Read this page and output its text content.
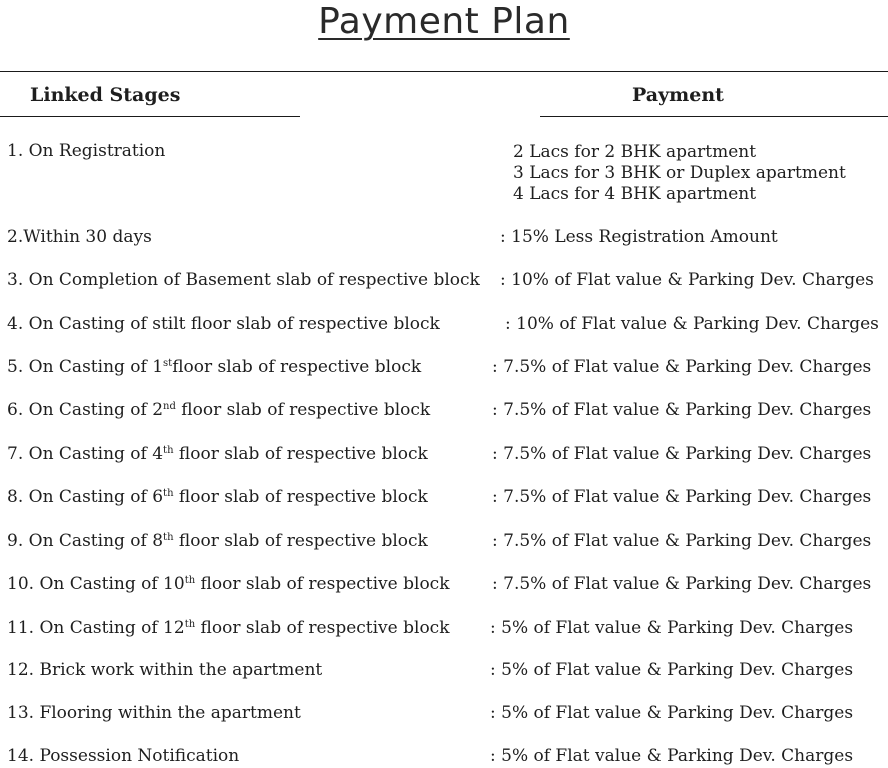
Payment Plan
Linked Stages	Payment
1. On Registration	2 Lacs for 2 BHK apartment
3 Lacs for 3 BHK or Duplex apartment
4 Lacs for 4 BHK apartment
2.Within 30 days	: 15% Less Registration Amount
3. On Completion of Basement slab of respective block : 10% of Flat value & Parking Dev. Charges
4. On Casting of stilt floor slab of respective block	: 10% of Flat value & Parking Dev. Charges
5. On Casting of 1stfloor slab of respective block	: 7.5% of Flat value & Parking Dev. Charges
6. On Casting of 2nd floor slab of respective block	: 7.5% of Flat value & Parking Dev. Charges
7. On Casting of 4th floor slab of respective block	: 7.5% of Flat value & Parking Dev. Charges
8. On Casting of 6th floor slab of respective block	: 7.5% of Flat value & Parking Dev. Charges
9. On Casting of 8th floor slab of respective block	: 7.5% of Flat value & Parking Dev. Charges
10. On Casting of 10th floor slab of respective block : 7.5% of Flat value & Parking Dev. Charges
11. On Casting of 12th floor slab of respective block : 5% of Flat value & Parking Dev. Charges
12. Brick work within the apartment	: 5% of Flat value & Parking Dev. Charges
13. Flooring within the apartment	: 5% of Flat value & Parking Dev. Charges
14. Possession Notification	: 5% of Flat value & Parking Dev. Charges
